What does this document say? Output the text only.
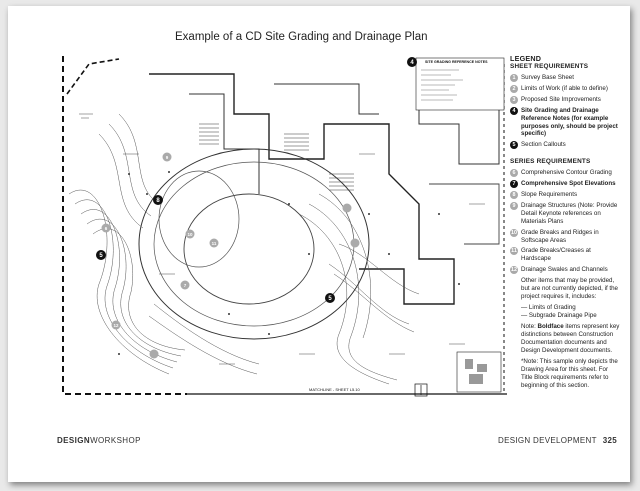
Example of a CD Site Grading and Drainage Plan
SITE GRADING REFERENCE NOTES
4
8
5
5
9
10
11
12
6
7
MATCHLINE - SHEET L5.10
LEGEND
SHEET REQUIREMENTS
1 Survey Base Sheet
2 Limits of Work (if able to define)
3 Proposed Site Improvements
4 Site Grading and Drainage Reference Notes (for example purposes only, should be project specific)
5 Section Callouts
SERIES REQUIREMENTS
6 Comprehensive Contour Grading
7 Comprehensive Spot Elevations
8 Slope Requirements
9 Drainage Structures (Note: Provide Detail Keynote references on Materials Plans
10 Grade Breaks and Ridges in Softscape Areas
11 Grade Breaks/Creases at Hardscape
12 Drainage Swales and Channels
Other items that may be provided, but are not currently depicted, if the project requires it, includes:
— Limits of Grading
— Subgrade Drainage Pipe
Note: Boldface items represent key distinctions between Construction Documentation documents and Design Development documents.
*Note: This sample only depicts the Drawing Area for this sheet. For Title Block requirements refer to beginning of this section.
DESIGNWORKSHOP	DESIGN DEVELOPMENT 325
